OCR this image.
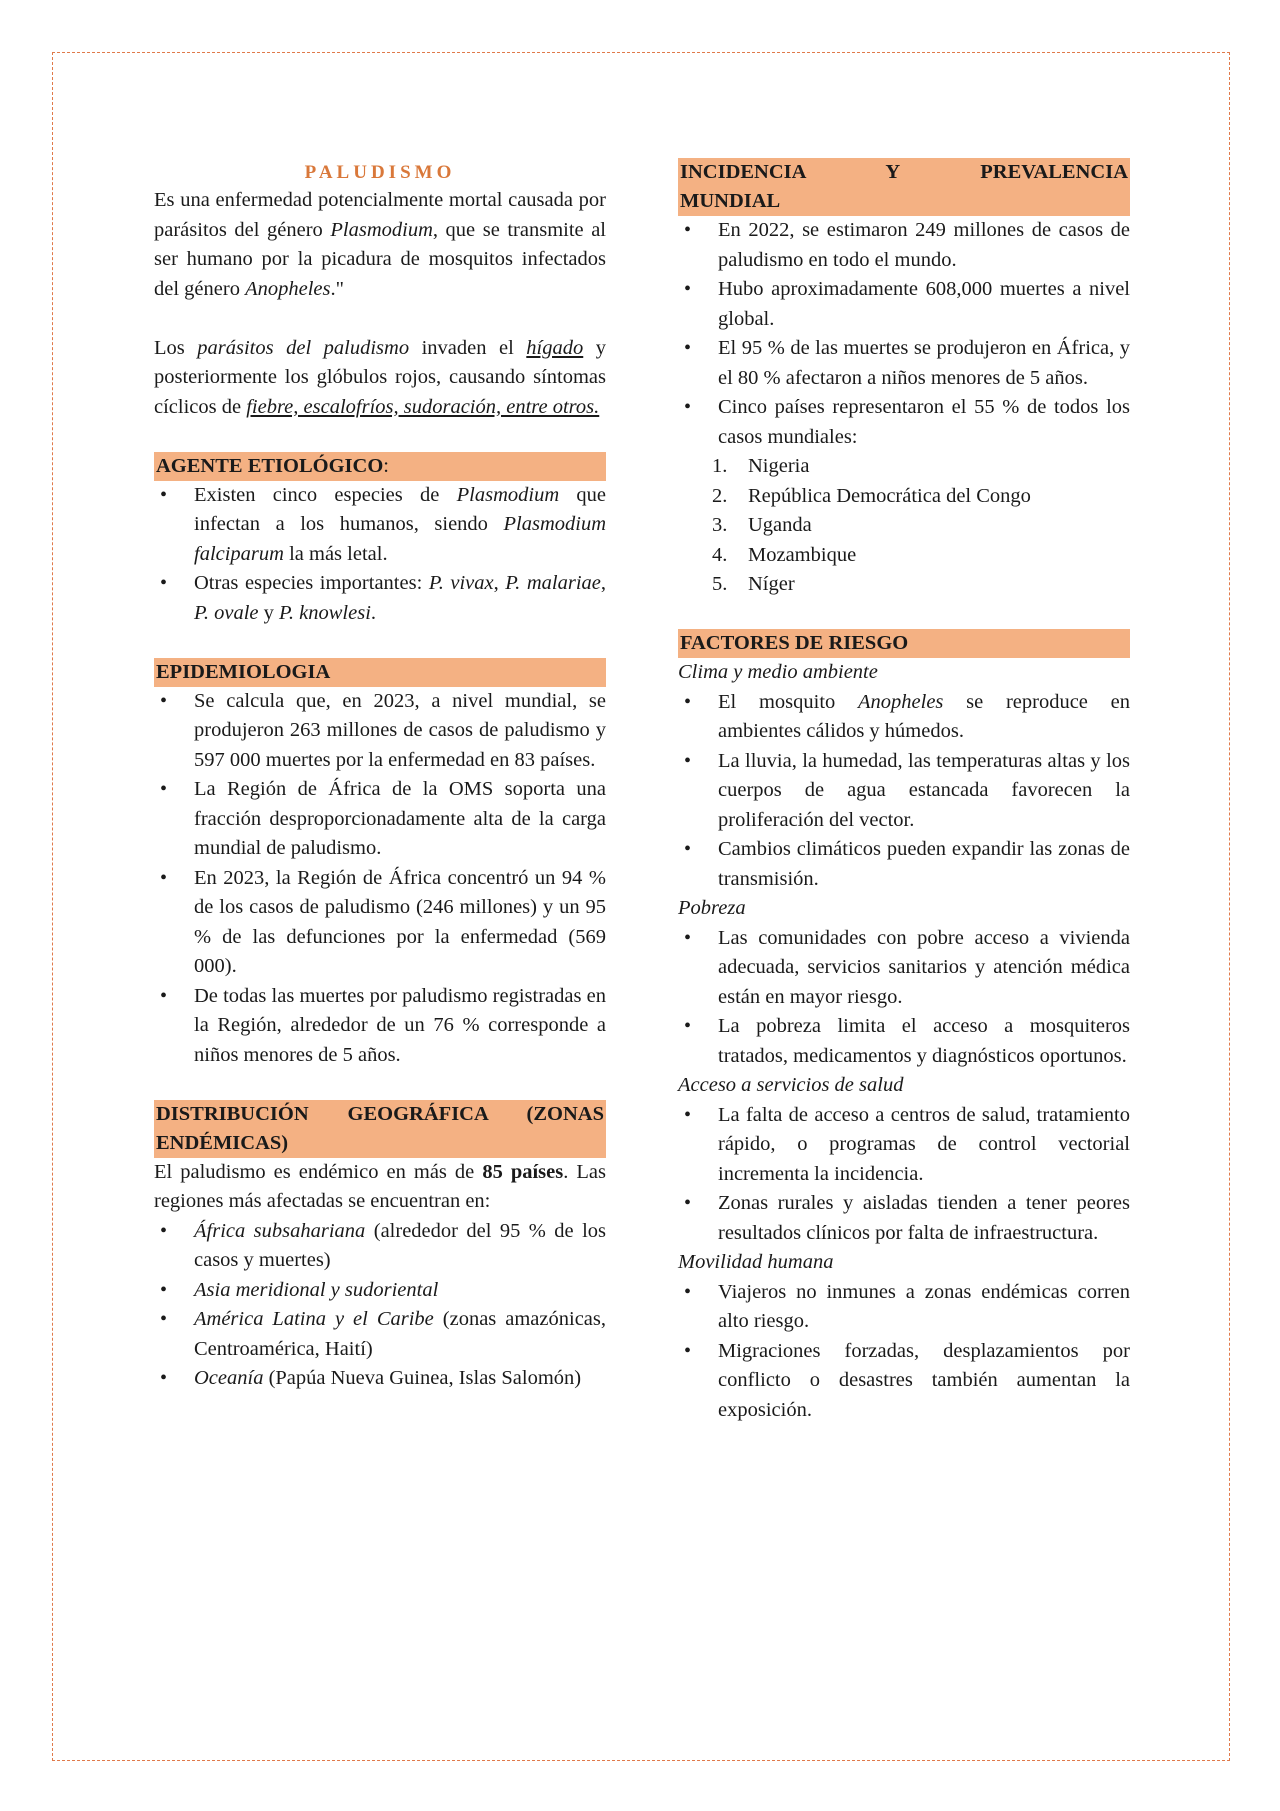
PALUDISMO

Es una enfermedad potencialmente mortal causada por parásitos del género Plasmodium, que se transmite al ser humano por la picadura de mosquitos infectados del género Anopheles."

Los parásitos del paludismo invaden el hígado y posteriormente los glóbulos rojos, causando síntomas cíclicos de fiebre, escalofríos, sudoración, entre otros.

AGENTE ETIOLÓGICO:
• Existen cinco especies de Plasmodium que infectan a los humanos, siendo Plasmodium falciparum la más letal.
• Otras especies importantes: P. vivax, P. malariae, P. ovale y P. knowlesi.
EPIDEMIOLOGIA
• Se calcula que, en 2023, a nivel mundial, se produjeron 263 millones de casos de paludismo y 597 000 muertes por la enfermedad en 83 países.
• La Región de África de la OMS soporta una fracción desproporcionadamente alta de la carga mundial de paludismo.
• En 2023, la Región de África concentró un 94 % de los casos de paludismo (246 millones) y un 95 % de las defunciones por la enfermedad (569 000).
• De todas las muertes por paludismo registradas en la Región, alrededor de un 76 % corresponde a niños menores de 5 años.
DISTRIBUCIÓN GEOGRÁFICA (ZONAS
ENDÉMICAS)

El paludismo es endémico en más de 85 países. Las regiones más afectadas se encuentran en:

• África subsahariana (alrededor del 95 % de los casos y muertes)
• Asia meridional y sudoriental
• América Latina y el Caribe (zonas amazónicas, Centroamérica, Haití)
• Oceanía (Papúa Nueva Guinea, Islas Salomón)
INCIDENCIA Y PREVALENCIA
MUNDIAL
• En 2022, se estimaron 249 millones de casos de paludismo en todo el mundo.
• Hubo aproximadamente 608,000 muertes a nivel global.
• El 95 % de las muertes se produjeron en África, y el 80 % afectaron a niños menores de 5 años.
• Cinco países representaron el 55 % de todos los casos mundiales:
1. Nigeria
2. República Democrática del Congo
3. Uganda
4. Mozambique
5. Níger
FACTORES DE RIESGO
Clima y medio ambiente
• El mosquito Anopheles se reproduce en ambientes cálidos y húmedos.
• La lluvia, la humedad, las temperaturas altas y los cuerpos de agua estancada favorecen la proliferación del vector.
• Cambios climáticos pueden expandir las zonas de transmisión.
Pobreza
• Las comunidades con pobre acceso a vivienda adecuada, servicios sanitarios y atención médica están en mayor riesgo.
• La pobreza limita el acceso a mosquiteros tratados, medicamentos y diagnósticos oportunos.
Acceso a servicios de salud
• La falta de acceso a centros de salud, tratamiento rápido, o programas de control vectorial incrementa la incidencia.
• Zonas rurales y aisladas tienden a tener peores resultados clínicos por falta de infraestructura.
Movilidad humana
• Viajeros no inmunes a zonas endémicas corren alto riesgo.
• Migraciones forzadas, desplazamientos por conflicto o desastres también aumentan la exposición.
